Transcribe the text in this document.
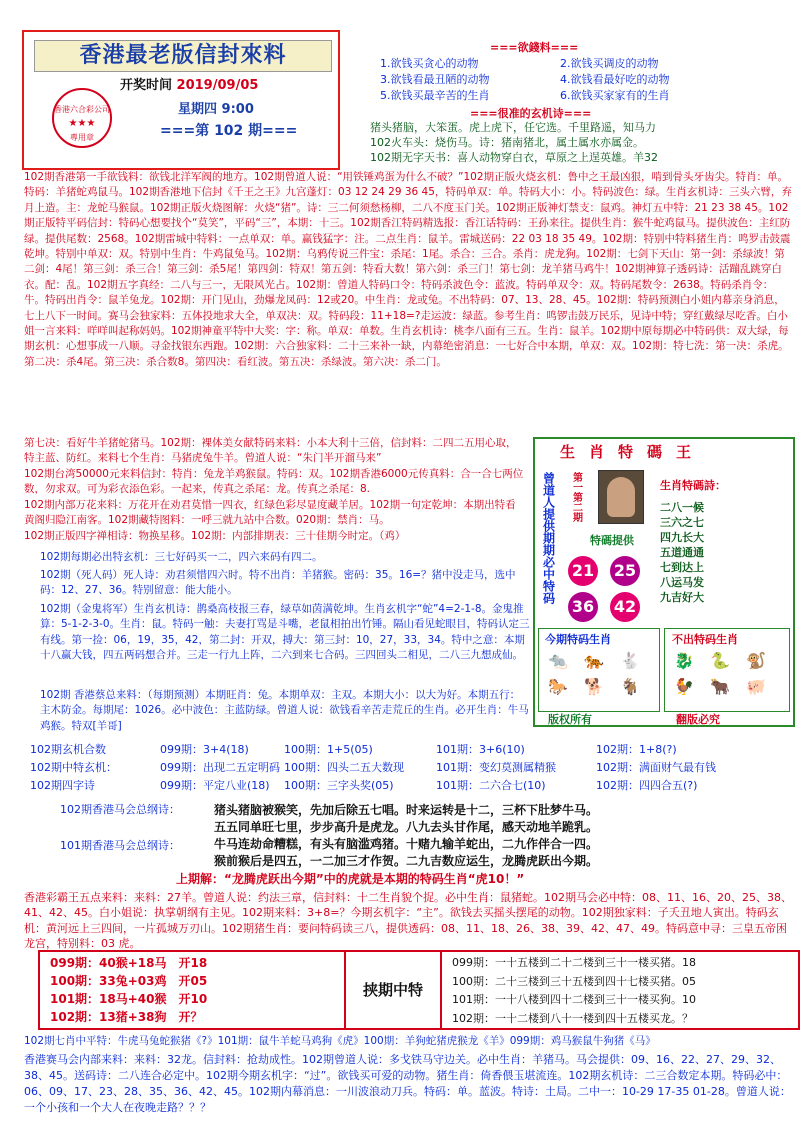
香港最老版信封來料
开奖时间 2019/09/05
香港六合彩公司
★★★
專用章
星期四 9:00
===第 102 期===
===欲錢料===
1.欲钱买贪心的动物	2.欲钱买调皮的动物
3.欲钱看最丑陋的动物	4.欲钱看最好吃的动物
5.欲钱买最辛苦的生肖	6.欲钱买家家有的生肖
===很准的玄机诗===
猪头猪脑，大笨蛋。虎上虎下，任它选。千里路遥，知马力
102火车头：烧伤马。诗：猪南猪北，属土属水亦属金。
102期无字天书：喜人动物穿白衣，草原之上逞英雄。羊32
102期香港第一手欲钱料：欲钱北洋军阀的地方。102期曾道人说：“用铁锤鸡蛋为什么不破？”102期正版火烧玄机：鲁中之王最凶狠，啃到骨头牙齿尖。特肖：单。特码：羊猪蛇鸡鼠马。102期香港地下信封《千王之王》九宫蓬灯：03 12 24 29 36 45，特码单双：单。特码大小：小。特码波色：绿。生肖玄机诗：三头六臂，弃月上造。主：龙蛇马猴鼠。102期正版火烧图解：火烧“猪”。诗：三二何须愁杨柳，二八不度玉门关。102期正版神灯禁支：鼠鸡。神灯五中特：21 23 38 45。102期正版特平码信封：特码心想要找个“莫笑”，平码“三”，本期：十三。102期香江特码精选报：香江话特码：王孙来往。提供生肖：猴牛蛇鸡鼠马。提供波色：主红防绿。提供尾数：2568。102期雷城中特料：一点单双：单。赢钱猛字：注。二点生肖：鼠羊。雷城送码：22 03 18 35 49。102期：特别中特料猪生肖：鸣罗击鼓震乾坤。特别中单双：双。特别中生肖：牛鸡鼠兔马。102期：乌鸦传说三件宝：杀尾：1尾。杀合：三合。杀肖：虎龙狗。102期：七剑下天山：第一剑：杀绿波！第二剑：4尾！第三剑：杀三合！第三剑：杀5尾！第四剑：特双！第五剑：特看大数！第六剑：杀三门！第七剑：龙羊猪马鸡牛！102期神算子透码诗：活蹦乱跳穿白衣。配：乱。102期五字真经：二八与三一，无限风光占。102期：曾道人特码口令：特码杀波色令：蓝波。特码单双令：双。特码尾数令：2638。特码杀肖令：牛。特码出肖令：鼠羊兔龙。102期：开门见山，劲爆龙凤码：12或20。中生肖：龙或兔。不出特码：07、13、28、45。102期：特码预测白小姐内幕亲身消息，七上八下一时间。赛马会独家料：五体投地求大全，单双决：双。特码段：11+18=?走运波：绿蓝。参考生肖：鸣锣击鼓万民乐，见诗中特；穿红戴绿尽吃香。白小姐一言来料：咩咩叫起称妈妈。102期神童平特中大奖：字：称。单双：单数。生肖玄机诗：桃李八面有三五。生肖：鼠羊。102期中原每期必中特码供：双大绿，每期玄机：心想事成一八顺。寻金找银东西跑。102期：六合独家料：二十三来补一缺，内幕绝密消息：一七好合中本期，单双：双。102期：特七洗：第一决：杀虎。第二决：杀4尾。第三决：杀合数8。第四决：看红波。第五决：杀绿波。第六决：杀二门。
第七决：看好牛羊猪蛇猪马。102期：裸体美女献特码来料：小本大利十三倍，信封料：二四二五用心取，特主蓝、防红。来料七个生肖：马猪虎兔牛羊。曾道人说：“朱门半开溜马来”
102期台湾50000元来料信封：特肖：兔龙羊鸡猴鼠。特码：双。102期香港6000元传真料：合一合七两位数，勿求双。可为彩衣添色彩。一起来，传真之杀尾：龙。传真之杀尾：8.
102期内部万花来料：万花开在劝君莫惜一四衣，红绿色彩尽显度藏羊居。102期一句定乾坤：本期出特看黄阁归隐江南客。102期藏特图料：一呼三就九站中合数。020期：禁肖：马。
102期正版四字禅相诗：物换星移。102期：内部排期表：三十佳期今时定。（鸡）
102期每期必出特玄机：三七好码买一二，四六来码有四二。
102期（死人码）死人诗：劝君须惜四六时。特不出肖：羊猪猴。密码：35。16=？猪中没走马，选中码：12、27、36。特别留意：能大能小。
102期（金鬼将军）生肖玄机诗：鹊桑高枝报三春，绿草如茵满乾坤。生肖玄机字“蛇”4=2-1-8。金鬼推算：5-1-2-3-0。生肖：鼠。特码一触：夫妻打骂是斗嘴，老鼠相拍出竹锤。隔山看见蛇眼目，特码认定三有线。第一捡：06，19，35，42，第二封：开双，搏大：第三封：10，27，33，34。特中之意：本期十八赢大钱，四五两码想合并。三走一行九上阵，二六到来七合码。三四回头二相见，二八三九想成仙。
102期 香港蔡总来料：（每期预测）本期旺肖：兔。本期单双：主双。本期大小：以大为好。本期五行：主木防金。每期尾：1026。必中波色：主蓝防绿。曾道人说：欲钱看辛苦走荒丘的生肖。必开生肖：牛马鸡猴。特双[羊哥]
生肖特碼王
曾道人提供期期必中特码 第一第二期	生肖特碼詩：
二八一候
三六之七
四九长大
五道通通
七到达上
八运马发
九吉好大
特碼提供
21 25
36 42
今期特码生肖
🐀 🐅 🐇
🐎 🐕 🐐
不出特码生肖
🐉 🐍 🐒
🐓 🐂 🐖
版权所有	翻版必究
102期玄机合数	099期：3+4(18)	100期：1+5(05)	101期：3+6(10)	102期：1+8(?)
102期中特玄机：	099期：出现二五定明码 100期：四头二五大数现	101期：变幻莫测属精猴	102期：满面财气最有钱
102期四字诗	099期：平定八业(18) 100期：三字头奖(05)	101期：二六合七(10)	102期：四四合五(?)
102期香港马会总纲诗：	猪头猪脑被猴笑，先加后除五七唱。时来运转是十二，三杯下肚梦牛马。
五五同单旺七里，步步高升是虎龙。八九去头甘作尾，感天动地羊跪乳。
101期香港马会总纲诗：	牛马连劫命糟糕，有头有脑滥鸡猪。十赌九输羊蛇出，二九作伴合一四。
猴前猴后是四五，一二加三才作贺。二九吉数应运生，龙腾虎跃出今期。
上期解：“龙腾虎跃出今期”中的虎就是本期的特码生肖“虎10！”
香港彩霸王五点来料：来料：27羊。曾道人说：约法三章，信封料：十二生肖貌个捉。必中生肖：鼠猪蛇。102期马会必中特：08、11、16、20、25、38、41、42、45。白小姐说：执掌朝纲有主见。102期来料：3+8=？今期玄机字：“主”。欲钱去买摇头摆尾的动物。102期独家料：子夭丑地人寅出。特码玄机：黄河远上三四间，一片孤城万刃山。102期猪生肖：要问特码读三八，提供透码：08、11、18、26、38、39、42、47、49。特码意中寻：三皇五帝困龙宫，特别料：03 虎。
099期：40猴+18马　开18
100期：33兔+03鸡　开05
101期：18马+40猴　开10
102期：13猪+38狗　开？
挟期中特
099期：一十五楼到二十二楼到三十一楼买猪。18
100期：二十三楼到三十五楼到四十七楼买猪。05
101期：一十八楼到四十二楼到三十一楼买狗。10
102期：一十二楼到八十一楼到四十五楼买龙。？
102期七肖中平特：牛虎马兔蛇猴猪《?》101期：鼠牛羊蛇马鸡狗《虎》100期：羊狗蛇猪虎猴龙《羊》099期：鸡马猴鼠牛狗猪《马》
香港赛马会内部来料：来料：32龙。信封料：抢劫成性。102期曾道人说：多戈铁马守边关。必中生肖：羊猪马。马会提供：09、16、22、27、29、32、38、45。送码诗：二八连合必定中。102期今期玄机字：“过”。欲钱买可爱的动物。猪生肖：倚香偎玉堪流连。102期玄机诗：二三合数定本期。特码必中：06、09、17、23、28、35、36、42、45。102期内幕消息：一川波浪动刀兵。特码：单。蓝波。特诗：土局。二中一：10-29 17-35 01-28。曾道人说：一个小孩和一个大人在夜晚走路？？？
